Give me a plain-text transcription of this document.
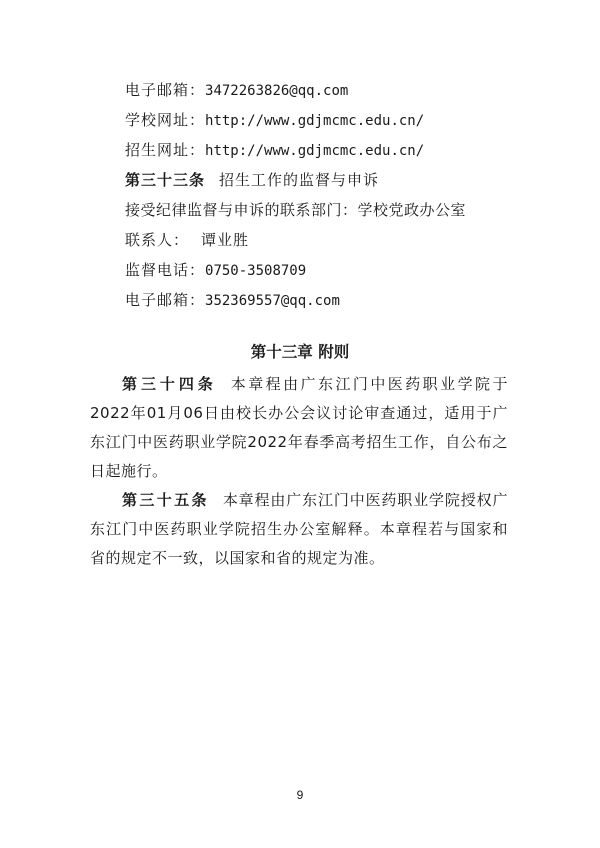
电子邮箱：3472263826@qq.com
学校网址：http://www.gdjmcmc.edu.cn/
招生网址：http://www.gdjmcmc.edu.cn/
第三十三条 招生工作的监督与申诉
接受纪律监督与申诉的联系部门：学校党政办公室
联系人： 谭业胜
监督电话：0750-3508709
电子邮箱：352369557@qq.com
第十三章 附则
第三十四条 本章程由广东江门中医药职业学院于2022年01月06日由校长办公会议讨论审查通过，适用于广东江门中医药职业学院2022年春季高考招生工作，自公布之日起施行。
第三十五条 本章程由广东江门中医药职业学院授权广东江门中医药职业学院招生办公室解释。本章程若与国家和省的规定不一致，以国家和省的规定为准。
9
